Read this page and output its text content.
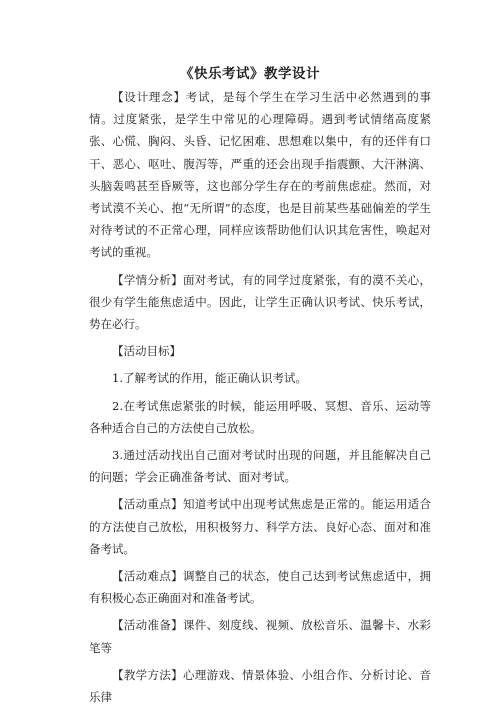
《快乐考试》教学设计

【设计理念】考试，是每个学生在学习生活中必然遇到的事情。过度紧张，是学生中常见的心理障碍。遇到考试情绪高度紧张、心慌、胸闷、头昏、记忆困难、思想难以集中，有的还伴有口干、恶心、呕吐、腹泻等，严重的还会出现手指震颤、大汗淋漓、头脑轰鸣甚至昏厥等，这也部分学生存在的考前焦虑症。然而，对考试漠不关心、抱“无所谓”的态度，也是目前某些基础偏差的学生对待考试的不正常心理，同样应该帮助他们认识其危害性，唤起对考试的重视。

【学情分析】面对考试，有的同学过度紧张，有的漠不关心，很少有学生能焦虑适中。因此，让学生正确认识考试、快乐考试，势在必行。

【活动目标】

1.了解考试的作用，能正确认识考试。

2.在考试焦虑紧张的时候，能运用呼吸、冥想、音乐、运动等各种适合自己的方法使自己放松。

3.通过活动找出自己面对考试时出现的问题，并且能解决自己的问题；学会正确准备考试、面对考试。

【活动重点】知道考试中出现考试焦虑是正常的。能运用适合的方法使自己放松，用积极努力、科学方法、良好心态、面对和准备考试。

【活动难点】调整自己的状态，使自己达到考试焦虑适中，拥有积极心态正确面对和准备考试。

【活动准备】课件、刻度线、视频、放松音乐、温馨卡、水彩笔等

【教学方法】心理游戏、情景体验、小组合作、分析讨论、音乐律
